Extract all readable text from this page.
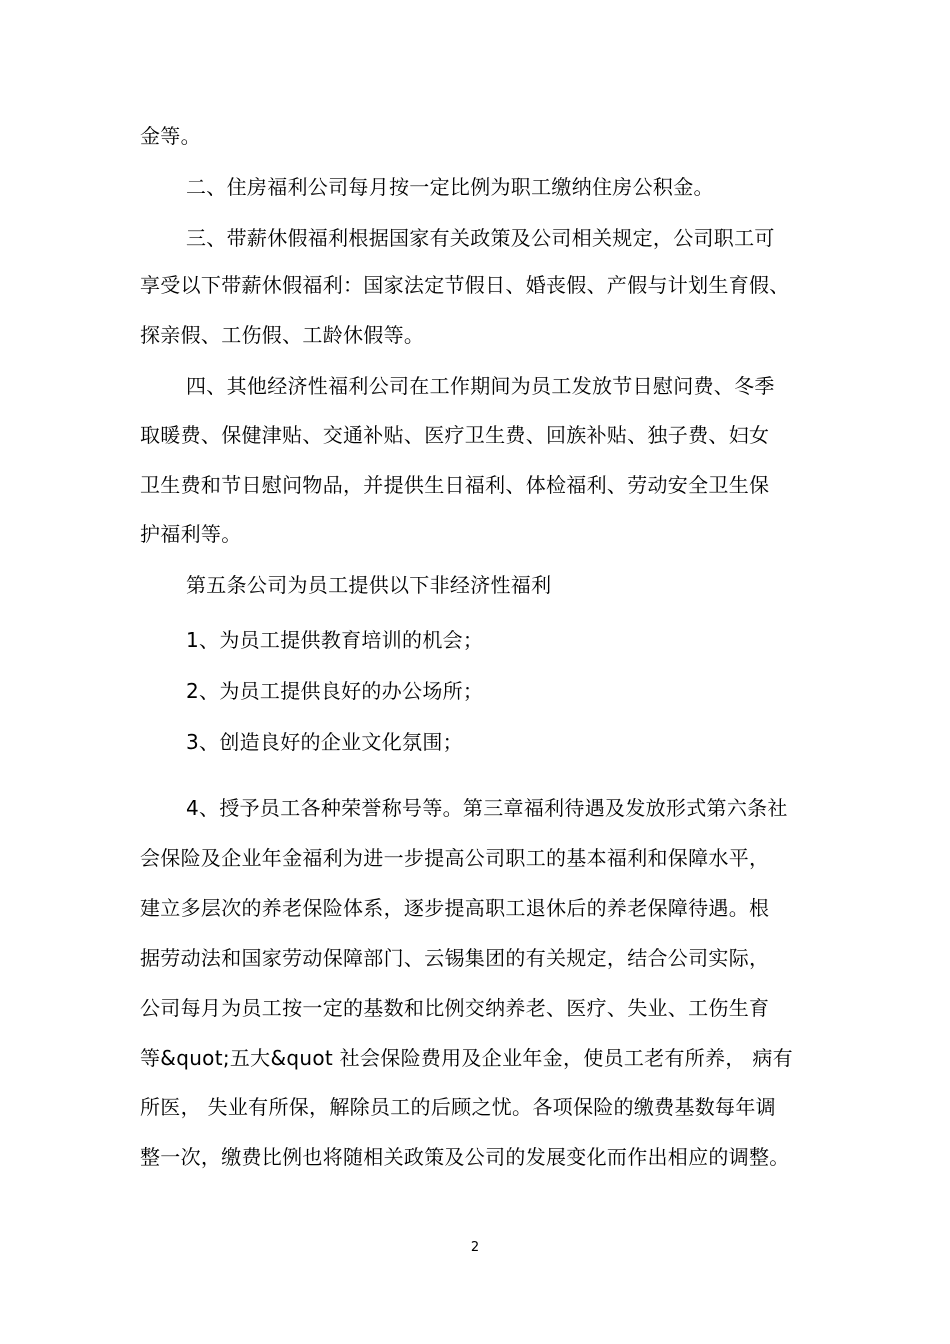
金等。
二、住房福利公司每月按一定比例为职工缴纳住房公积金。
三、带薪休假福利根据国家有关政策及公司相关规定，公司职工可
享受以下带薪休假福利：国家法定节假日、婚丧假、产假与计划生育假、
探亲假、工伤假、工龄休假等。
四、其他经济性福利公司在工作期间为员工发放节日慰问费、冬季
取暖费、保健津贴、交通补贴、医疗卫生费、回族补贴、独子费、妇女
卫生费和节日慰问物品，并提供生日福利、体检福利、劳动安全卫生保
护福利等。
第五条公司为员工提供以下非经济性福利
1、为员工提供教育培训的机会；
2、为员工提供良好的办公场所；
3、创造良好的企业文化氛围；
4、授予员工各种荣誉称号等。第三章福利待遇及发放形式第六条社
会保险及企业年金福利为进一步提高公司职工的基本福利和保障水平，
建立多层次的养老保险体系，逐步提高职工退休后的养老保障待遇。根
据劳动法和国家劳动保障部门、云锡集团的有关规定，结合公司实际，
公司每月为员工按一定的基数和比例交纳养老、医疗、失业、工伤生育
等&quot;五大&quot 社会保险费用及企业年金，使员工老有所养， 病有
所医， 失业有所保，解除员工的后顾之忧。各项保险的缴费基数每年调
整一次，缴费比例也将随相关政策及公司的发展变化而作出相应的调整。
2
